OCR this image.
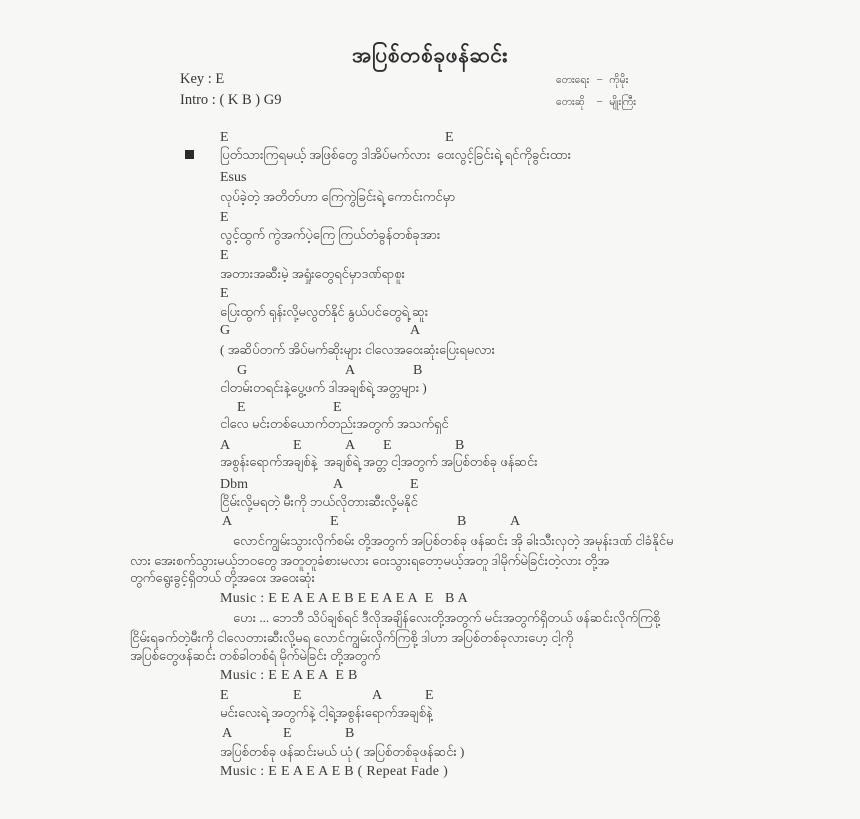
အပြစ်တစ်ခုဖန်ဆင်း
Key : E
Intro : ( K B ) G9
တေးရေး – ကိုမိုး
တေးဆို	– မျိုးကြီး
E	E
ပြတ်သားကြရမယ့် အဖြစ်တွေ ဒါအိပ်မက်လား  ဝေးလွင့်ခြင်းရဲ့ ရင်ကိုခွင်းထား
Esus
လုပ်ခဲ့တဲ့ အတိတ်ဟာ ကြေကွဲခြင်းရဲ့ ကောင်းကင်မှာ
E
လွင့်ထွက် ကွဲအက်ပဲ့ကြေ ကြယ်တံခွန်တစ်ခုအား
E
အတားအဆီးမဲ့ အရှုံးတွေရင်မှာဒဏ်ရာစူး
E
ပြေးထွက် ရုန်းလို့မလွတ်နိုင် နွယ်ပင်တွေရဲ့ ဆူး
G	A
( အဆိပ်တက် အိပ်မက်ဆိုးများ ငါလေအဝေးဆုံးပြေးရမလား
G	A	B
ငါတမ်းတရင်းနဲ့ပွေ့ဖက် ဒါအချစ်ရဲ့ အတ္တများ )
E	E
ငါလေ မင်းတစ်ယောက်တည်းအတွက် အသက်ရှင်
A	E	A E	B
အစွန်းရောက်အချစ်နဲ့  အချစ်ရဲ့ အတ္တ ငါ့အတွက် အပြစ်တစ်ခု ဖန်ဆင်း
Dbm	A	E
ငြိမ်းလို့မရတဲ့ မီးကို ဘယ်လိုတားဆီးလို့မနိုင်
A	E	B	A
လောင်ကျွမ်းသွားလိုက်စမ်း တို့အတွက် အပြစ်တစ်ခု ဖန်ဆင်း အို ခါးသီးလှတဲ့ အမုန်းဒဏ် ငါခံနိုင်မ
လား အေးစက်သွားမယ့်ဘဝတွေ အတူတူခံစားမလား ဝေးသွားရတော့မယ့်အတူ ဒါမိုက်မဲခြင်းတဲ့လား တို့အ
တွက်ရွေးခွင့်ရှိတယ် တို့အဝေး အဝေးဆုံး
Music : E E A E A E B E E A E A  E   B A
ဟေး ... ဘေဘီ သိပ်ချစ်ရင် ဒီလိုအချိန်လေးတို့အတွက် မင်းအတွက်ရှိတယ် ဖန်ဆင်းလိုက်ကြစို့
ငြိမ်းရခက်တဲ့မီးကို ငါလေတားဆီးလို့မရ လောင်ကျွမ်းလိုက်ကြစို့ ဒါဟာ အပြစ်တစ်ခုလားဟေ့ ငါ့ကို
အပြစ်တွေဖန်ဆင်း တစ်ခါတစ်ရံ မိုက်မဲခြင်း တို့အတွက်
Music : E E A E A  E B
E	E	A	E
မင်းလေးရဲ့ အတွက်နဲ့ ငါ့ရဲ့အစွန်းရောက်အချစ်နဲ့
A	E	B
အပြစ်တစ်ခု ဖန်ဆင်းမယ် ယုံ ( အပြစ်တစ်ခုဖန်ဆင်း )
Music : E E A E A E B ( Repeat Fade )
